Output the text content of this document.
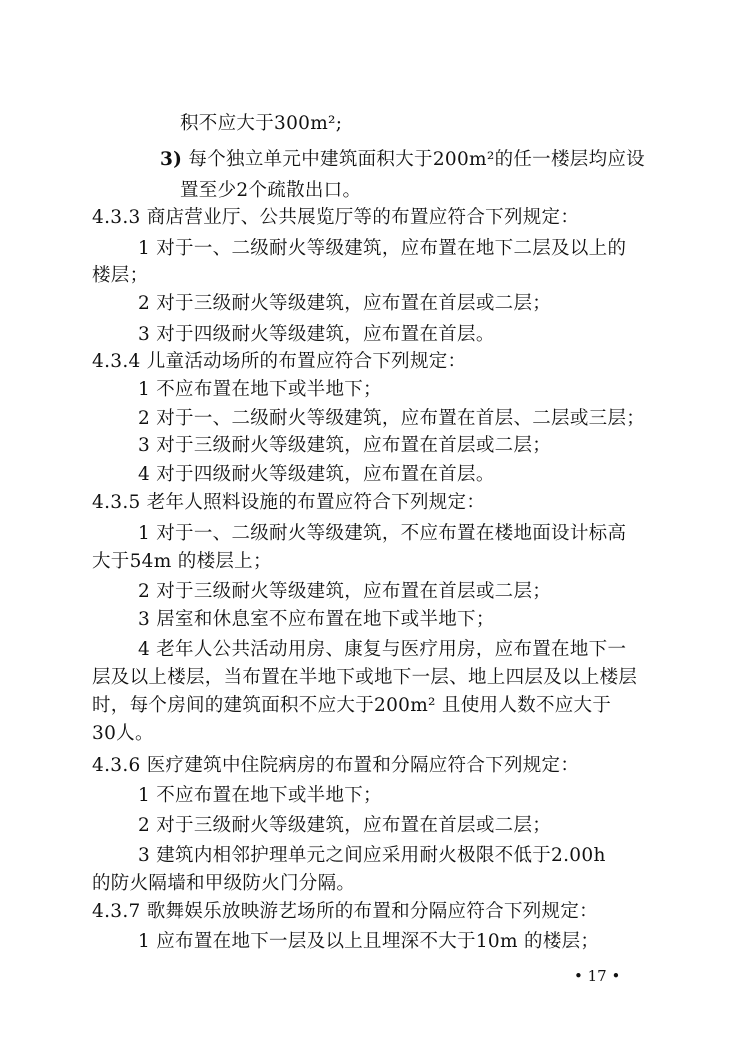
积不应大于300m²;
3) 每个独立单元中建筑面积大于200m²的任一楼层均应设
置至少2个疏散出口。
4.3.3 商店营业厅、公共展览厅等的布置应符合下列规定：
1 对于一、二级耐火等级建筑，应布置在地下二层及以上的
楼层；
2 对于三级耐火等级建筑，应布置在首层或二层；
3 对于四级耐火等级建筑，应布置在首层。
4.3.4 儿童活动场所的布置应符合下列规定：
1 不应布置在地下或半地下；
2 对于一、二级耐火等级建筑，应布置在首层、二层或三层；
3 对于三级耐火等级建筑，应布置在首层或二层；
4 对于四级耐火等级建筑，应布置在首层。
4.3.5 老年人照料设施的布置应符合下列规定：
1 对于一、二级耐火等级建筑，不应布置在楼地面设计标高
大于54m 的楼层上；
2 对于三级耐火等级建筑，应布置在首层或二层；
3 居室和休息室不应布置在地下或半地下；
4 老年人公共活动用房、康复与医疗用房，应布置在地下一
层及以上楼层，当布置在半地下或地下一层、地上四层及以上楼层
时，每个房间的建筑面积不应大于200m² 且使用人数不应大于
30人。
4.3.6 医疗建筑中住院病房的布置和分隔应符合下列规定：
1 不应布置在地下或半地下；
2 对于三级耐火等级建筑，应布置在首层或二层；
3 建筑内相邻护理单元之间应采用耐火极限不低于2.00h
的防火隔墙和甲级防火门分隔。
4.3.7 歌舞娱乐放映游艺场所的布置和分隔应符合下列规定：
1 应布置在地下一层及以上且埋深不大于10m 的楼层；
• 17 •
